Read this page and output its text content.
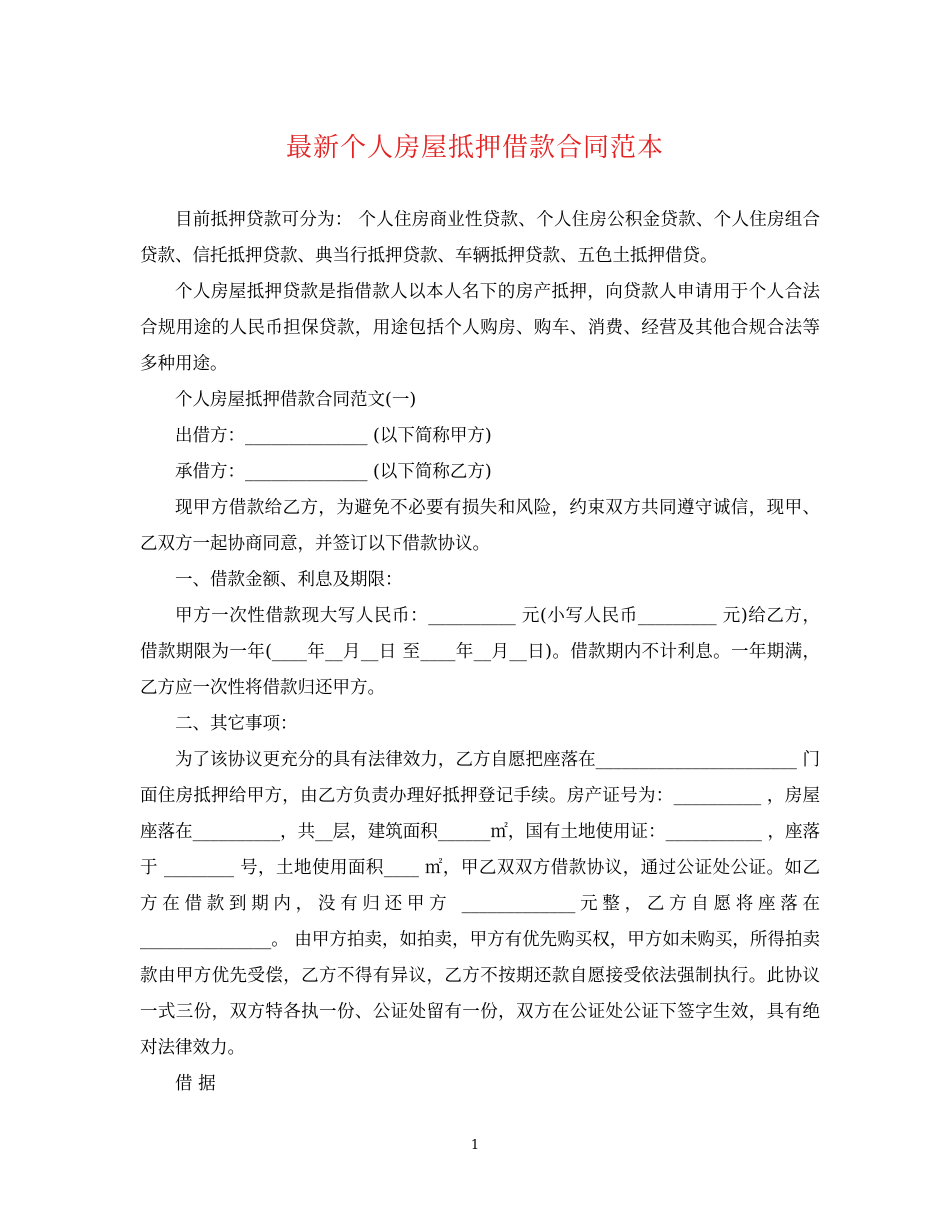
最新个人房屋抵押借款合同范本

目前抵押贷款可分为： 个人住房商业性贷款、个人住房公积金贷款、个人住房组合贷款、信托抵押贷款、典当行抵押贷款、车辆抵押贷款、五色土抵押借贷。

个人房屋抵押贷款是指借款人以本人名下的房产抵押，向贷款人申请用于个人合法合规用途的人民币担保贷款，用途包括个人购房、购车、消费、经营及其他合规合法等多种用途。

个人房屋抵押借款合同范文(一)

出借方：______________ (以下简称甲方)

承借方：______________ (以下简称乙方)

现甲方借款给乙方，为避免不必要有损失和风险，约束双方共同遵守诚信，现甲、乙双方一起协商同意，并签订以下借款协议。

一、借款金额、利息及期限：

甲方一次性借款现大写人民币：__________ 元(小写人民币_________ 元)给乙方，借款期限为一年(____年__月__日 至____年__月__日)。借款期内不计利息。一年期满，乙方应一次性将借款归还甲方。

二、其它事项：

为了该协议更充分的具有法律效力，乙方自愿把座落在_______________________ 门面住房抵押给甲方，由乙方负责办理好抵押登记手续。房产证号为：__________ ，房屋座落在__________，共__层，建筑面积______㎡，国有土地使用证：___________ ，座落于 ________ 号，土地使用面积____ ㎡，甲乙双双方借款协议，通过公证处公证。如乙方在借款到期内，没有归还甲方 _____________元整，乙方自愿将座落在_______________。 由甲方拍卖，如拍卖，甲方有优先购买权，甲方如未购买，所得拍卖款由甲方优先受偿，乙方不得有异议，乙方不按期还款自愿接受依法强制执行。此协议一式三份，双方特各执一份、公证处留有一份，双方在公证处公证下签字生效，具有绝对法律效力。

借 据

1
